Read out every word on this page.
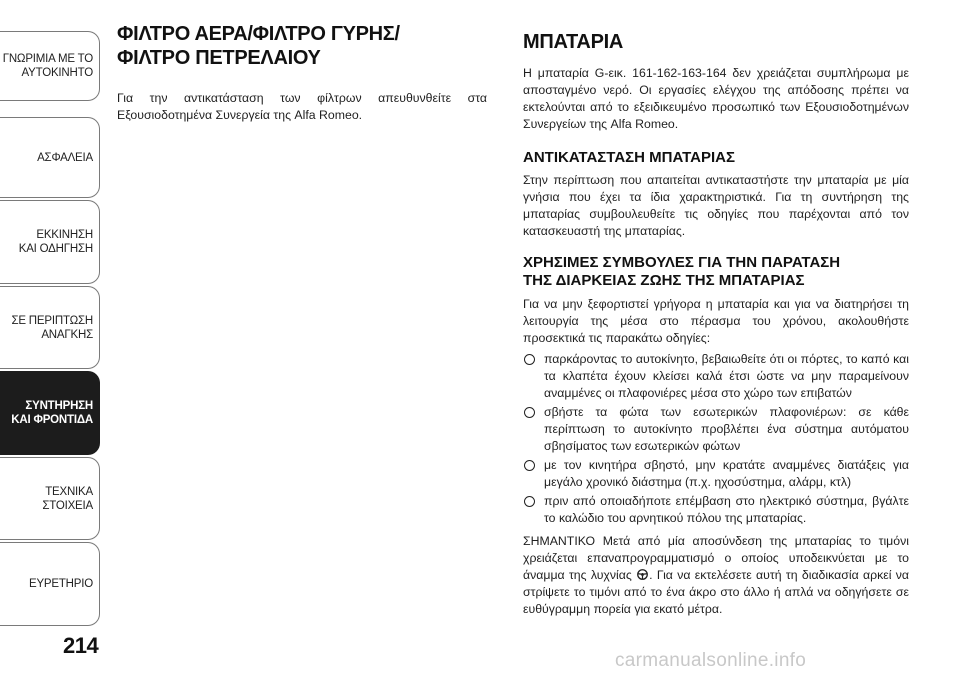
ΓΝΩΡΙΜΙΑ ΜΕ ΤΟ
ΑΥΤΟΚΙΝΗΤΟ
ΑΣΦΑΛΕΙΑ
ΕΚΚΙΝΗΣΗ
ΚΑΙ ΟΔΗΓΗΣΗ
ΣΕ ΠΕΡΙΠΤΩΣΗ
ΑΝΑΓΚΗΣ
ΣΥΝΤΗΡΗΣΗ
ΚΑΙ ΦΡΟΝΤΙΔΑ
ΤΕΧΝΙΚΑ
ΣΤΟΙΧΕΙΑ
ΕΥΡΕΤΗΡΙΟ
214
ΦΙΛΤΡΟ ΑΕΡΑ/ΦΙΛΤΡΟ ΓΥΡΗΣ/ ΦΙΛΤΡΟ ΠΕΤΡΕΛΑΙΟΥ

Για την αντικατάσταση των φίλτρων απευθυνθείτε στα Εξουσιοδοτημένα Συνεργεία της Alfa Romeo.

ΜΠΑΤΑΡΙΑ

Η μπαταρία G-εικ. 161-162-163-164 δεν χρειάζεται συμπλήρωμα με αποσταγμένο νερό. Οι εργασίες ελέγχου της απόδοσης πρέπει να εκτελούνται από το εξειδικευμένο προσωπικό των Εξουσιοδοτημένων Συνεργείων της Alfa Romeo.

ΑΝΤΙΚΑΤΑΣΤΑΣΗ ΜΠΑΤΑΡΙΑΣ

Στην περίπτωση που απαιτείται αντικαταστήστε την μπαταρία με μία γνήσια που έχει τα ίδια χαρακτηριστικά. Για τη συντήρηση της μπαταρίας συμβουλευθείτε τις οδηγίες που παρέχονται από τον κατασκευαστή της μπαταρίας.

ΧΡΗΣΙΜΕΣ ΣΥΜΒΟΥΛΕΣ ΓΙΑ ΤΗΝ ΠΑΡΑΤΑΣΗ ΤΗΣ ΔΙΑΡΚΕΙΑΣ ΖΩΗΣ ΤΗΣ ΜΠΑΤΑΡΙΑΣ

Για να μην ξεφορτιστεί γρήγορα η μπαταρία και για να διατηρήσει τη λειτουργία της μέσα στο πέρασμα του χρόνου, ακολουθήστε προσεκτικά τις παρακάτω οδηγίες:

παρκάροντας το αυτοκίνητο, βεβαιωθείτε ότι οι πόρτες, το καπό και τα κλαπέτα έχουν κλείσει καλά έτσι ώστε να μην παραμείνουν αναμμένες οι πλαφονιέρες μέσα στο χώρο των επιβατών
σβήστε τα φώτα των εσωτερικών πλαφονιέρων: σε κάθε περίπτωση το αυτοκίνητο προβλέπει ένα σύστημα αυτόματου σβησίματος των εσωτερικών φώτων
με τον κινητήρα σβηστό, μην κρατάτε αναμμένες διατάξεις για μεγάλο χρονικό διάστημα (π.χ. ηχοσύστημα, αλάρμ, κτλ)
πριν από οποιαδήποτε επέμβαση στο ηλεκτρικό σύστημα, βγάλτε το καλώδιο του αρνητικού πόλου της μπαταρίας.

ΣΗΜΑΝΤΙΚΟ Μετά από μία αποσύνδεση της μπαταρίας το τιμόνι χρειάζεται επαναπρογραμματισμό ο οποίος υποδεικνύεται με το άναμμα της λυχνίας . Για να εκτελέσετε αυτή τη διαδικασία αρκεί να στρίψετε το τιμόνι από το ένα άκρο στο άλλο ή απλά να οδηγήσετε σε ευθύγραμμη πορεία για εκατό μέτρα.

carmanualsonline.info
